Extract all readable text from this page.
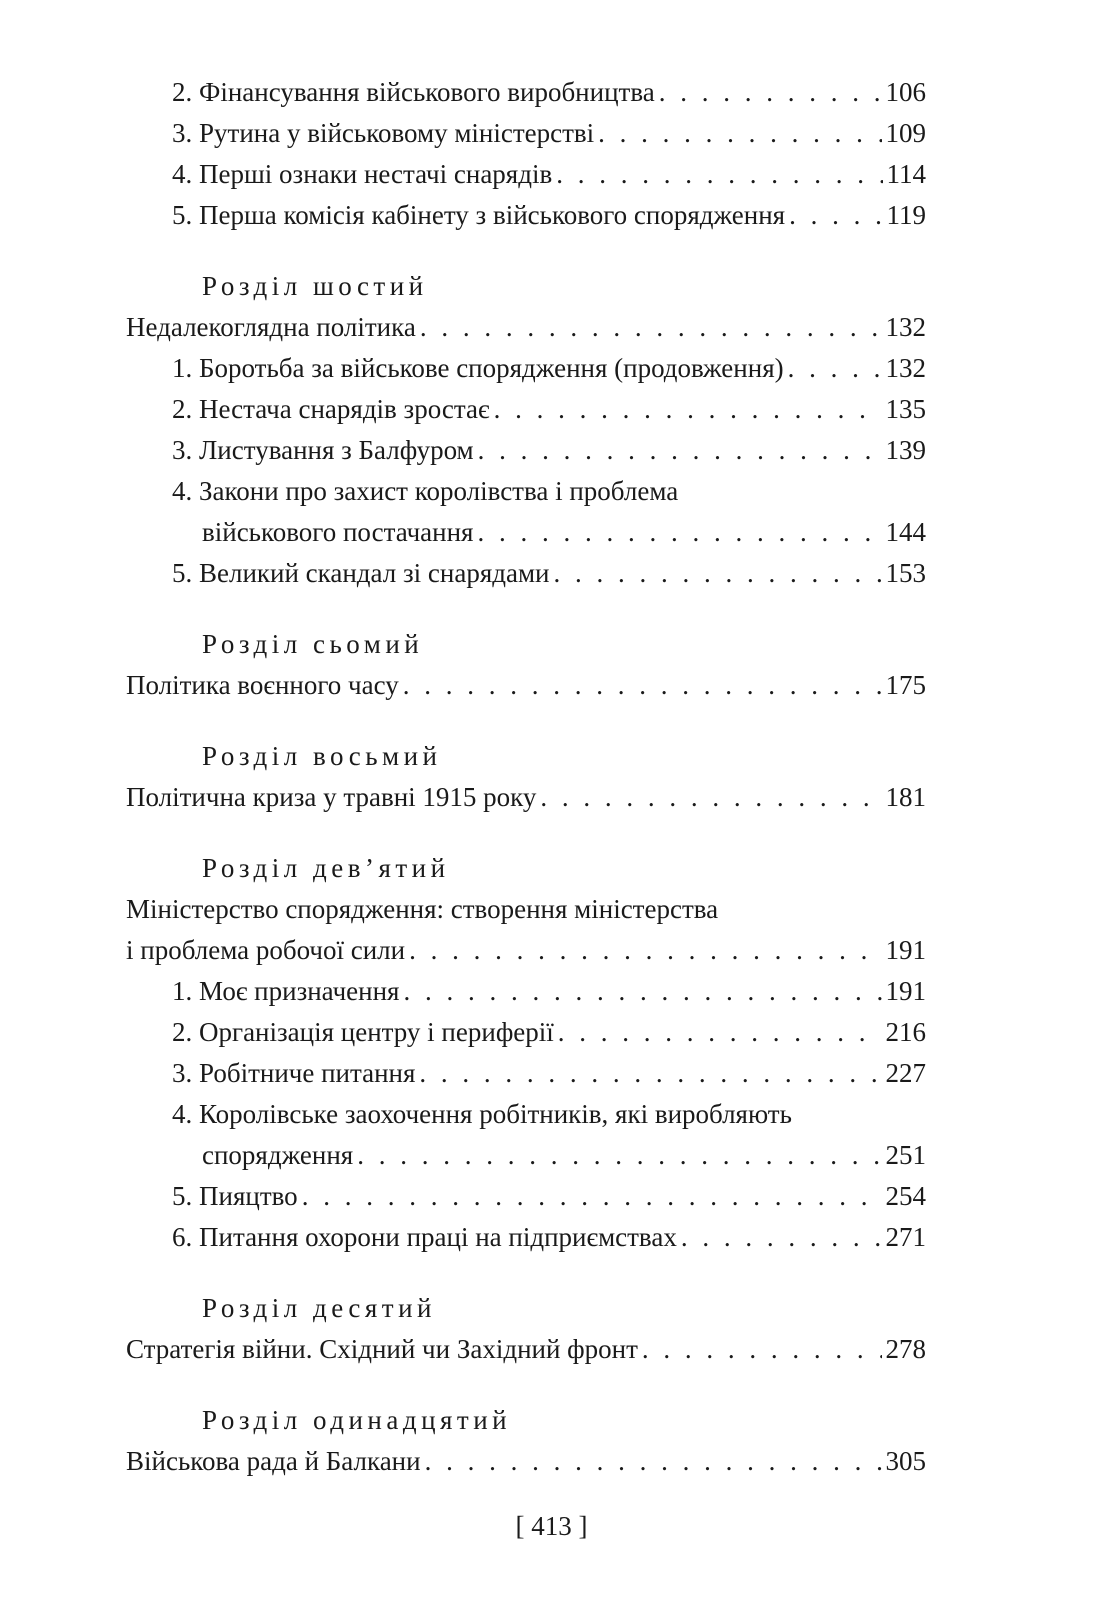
2. Фінансування військового виробництва . . .	106
3. Рутина у військовому міністерстві . . .	109
4. Перші ознаки нестачі снарядів . . .	114
5. Перша комісія кабінету з військового спорядження . . .	119
Розділ шостий
Недалекоглядна політика . . .	132
1. Боротьба за військове спорядження (продовження) . . .	132
2. Нестача снарядів зростає . . .	135
3. Листування з Балфуром . . .	139
4. Закони про захист королівства і проблема
військового постачання . . .	144
5. Великий скандал зі снарядами . . .	153
Розділ сьомий
Політика воєнного часу . . .	175
Розділ восьмий
Політична криза у травні 1915 року . . .	181
Розділ дев’ятий
Міністерство спорядження: створення міністерства
і проблема робочої сили . . .	191
1. Моє призначення . . .	191
2. Організація центру і периферії . . .	216
3. Робітниче питання . . .	227
4. Королівське заохочення робітників, які виробляють
спорядження . . .	251
5. Пияцтво . . .	254
6. Питання охорони праці на підприємствах . . .	271
Розділ десятий
Стратегія війни. Східний чи Західний фронт . . .	278
Розділ одинадцятий
Військова рада й Балкани . . .	305
[ 413 ]
